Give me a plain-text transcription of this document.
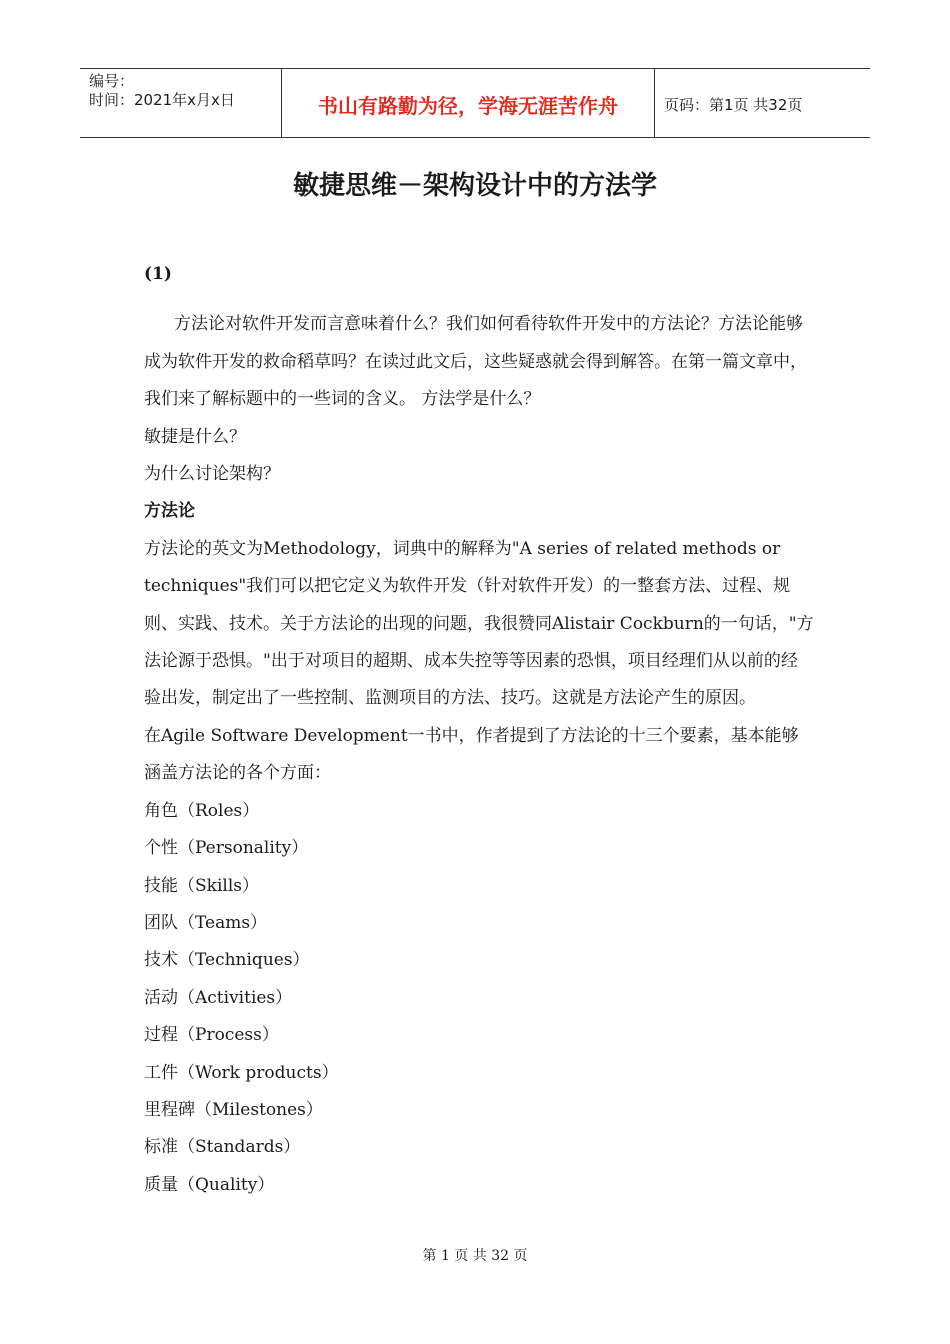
编号：
时间：2021年x月x日	书山有路勤为径，学海无涯苦作舟	页码：第1页 共32页
敏捷思维－架构设计中的方法学

(1)

方法论对软件开发而言意味着什么？我们如何看待软件开发中的方法论？方法论能够成为软件开发的救命稻草吗？在读过此文后，这些疑惑就会得到解答。在第一篇文章中，我们来了解标题中的一些词的含义。 方法学是什么？

敏捷是什么？

为什么讨论架构？

方法论

方法论的英文为Methodology，词典中的解释为"A series of related methods or techniques"我们可以把它定义为软件开发（针对软件开发）的一整套方法、过程、规则、实践、技术。关于方法论的出现的问题，我很赞同Alistair Cockburn的一句话，"方法论源于恐惧。"出于对项目的超期、成本失控等等因素的恐惧，项目经理们从以前的经验出发，制定出了一些控制、监测项目的方法、技巧。这就是方法论产生的原因。

在Agile Software Development一书中，作者提到了方法论的十三个要素，基本能够涵盖方法论的各个方面：

角色（Roles）

个性（Personality）

技能（Skills）

团队（Teams）

技术（Techniques）

活动（Activities）

过程（Process）

工件（Work products）

里程碑（Milestones）

标准（Standards）

质量（Quality）

第 1 页 共 32 页
